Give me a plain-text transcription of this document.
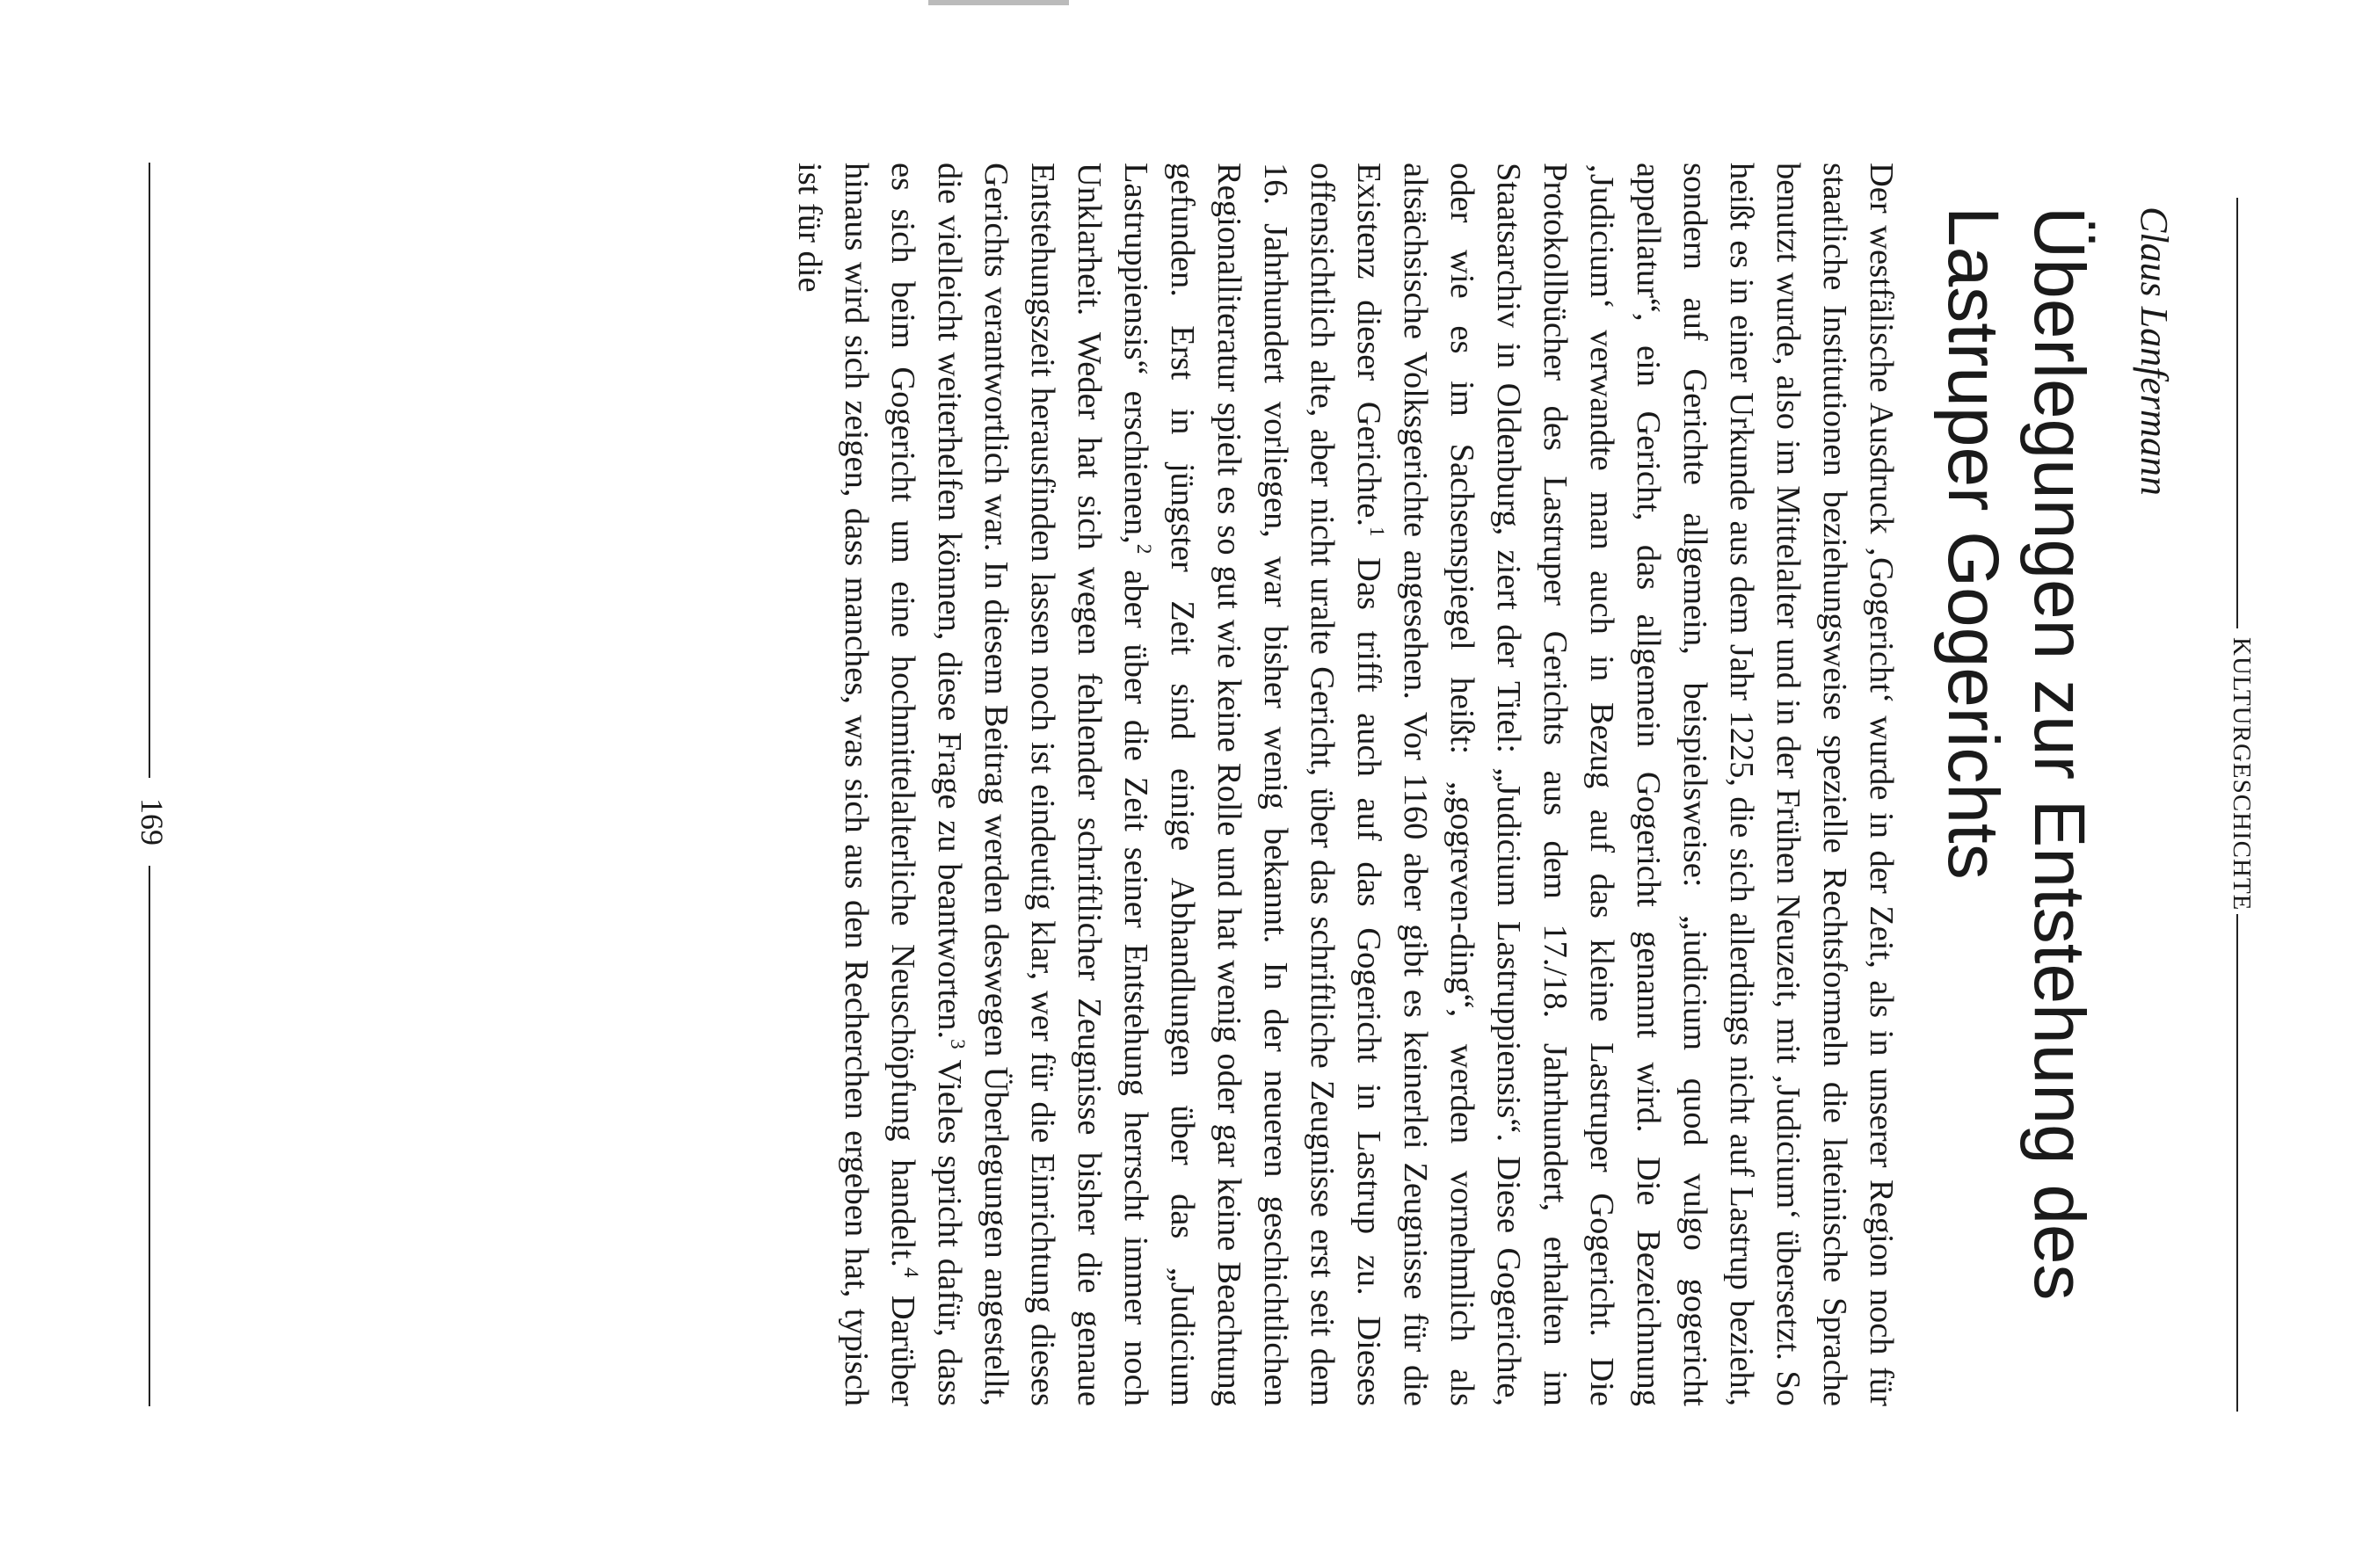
KULTURGESCHICHTE
Claus Lanfermann
Überlegungen zur Entstehung des
Lastruper Gogerichts

Der westfälische Ausdruck ‚Gogericht‘ wurde in der Zeit, als in unserer Region noch für staatliche Institutionen beziehungsweise spezielle Rechtsformeln die lateinische Sprache benutzt wurde, also im Mittelalter und in der Frühen Neuzeit, mit ‚Judicium‘ übersetzt. So heißt es in einer Urkunde aus dem Jahr 1225, die sich allerdings nicht auf Lastrup bezieht, sondern auf Gerichte allgemein, beispielsweise: „iudicium quod vulgo gogericht appellatur“, ein Gericht, das allgemein Gogericht genannt wird. Die Bezeichnung ‚Judicium‘ verwandte man auch in Bezug auf das kleine Lastruper Gogericht. Die Protokollbücher des Lastruper Gerichts aus dem 17./18. Jahrhundert, erhalten im Staatsarchiv in Oldenburg, ziert der Titel: „Judicium Lastruppiensis“. Diese Gogerichte, oder wie es im Sachsenspiegel heißt: „gogreven-ding“, werden vornehmlich als altsächsische Volksgerichte angesehen. Vor 1160 aber gibt es keinerlei Zeugnisse für die Existenz dieser Gerichte.$^1$ Das trifft auch auf das Gogericht in Lastrup zu. Dieses offensichtlich alte, aber nicht uralte Gericht, über das schriftliche Zeugnisse erst seit dem 16. Jahrhundert vorliegen, war bisher wenig bekannt. In der neueren geschichtlichen Regionalliteratur spielt es so gut wie keine Rolle und hat wenig oder gar keine Beachtung gefunden. Erst in jüngster Zeit sind einige Abhandlungen über das „Judicium Lastruppiensis“ erschienen,$^2$ aber über die Zeit seiner Entstehung herrscht immer noch Unklarheit. Weder hat sich wegen fehlender schriftlicher Zeugnisse bisher die genaue Entstehungszeit herausfinden lassen noch ist eindeutig klar, wer für die Einrichtung dieses Gerichts verantwortlich war. In diesem Beitrag werden deswegen Überlegungen angestellt, die vielleicht weiterhelfen können, diese Frage zu beantworten.$^3$ Vieles spricht dafür, dass es sich beim Gogericht um eine hochmittelalterliche Neuschöpfung handelt.$^4$ Darüber hinaus wird sich zeigen, dass manches, was sich aus den Recherchen ergeben hat, typisch ist für die

169
